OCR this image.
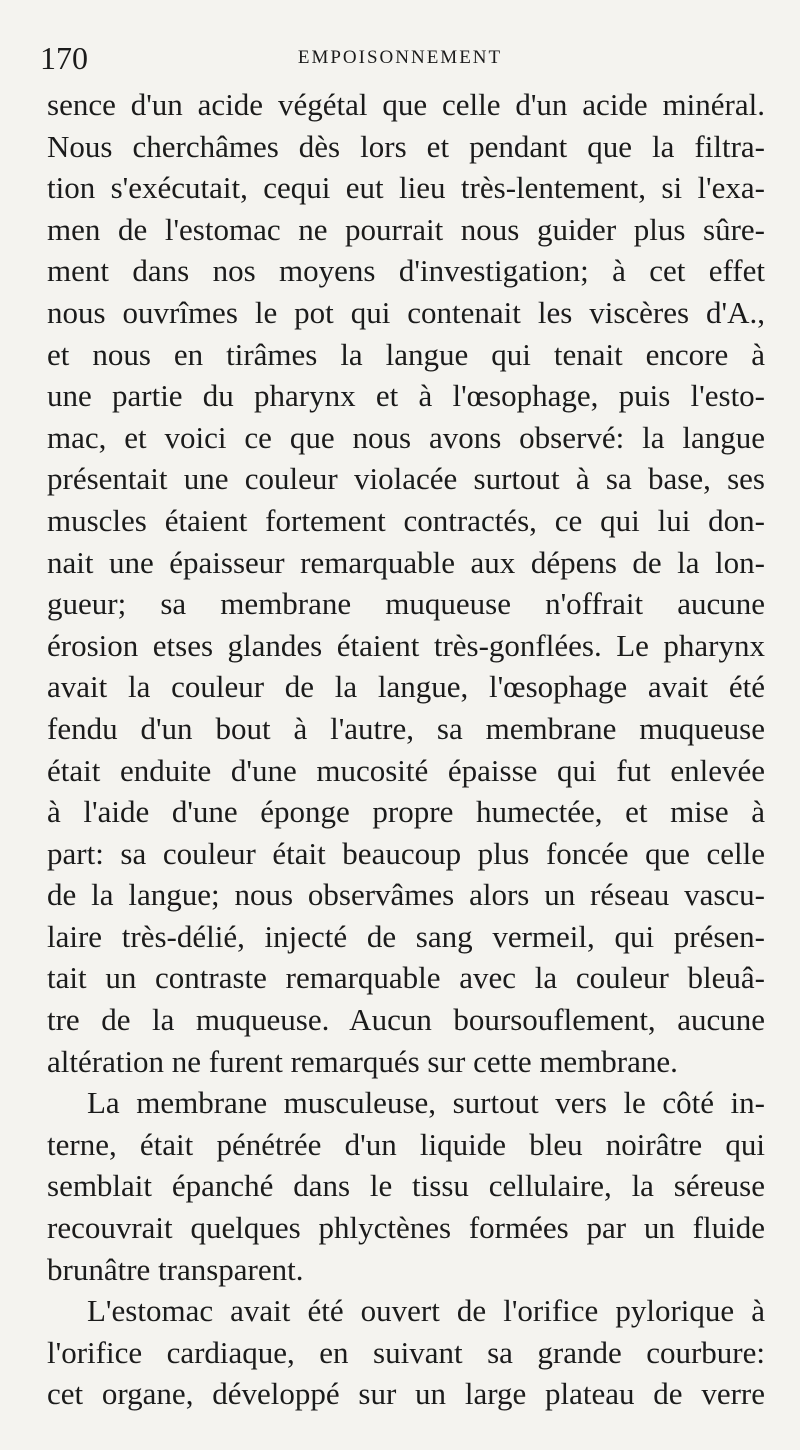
170	EMPOISONNEMENT
sence d'un acide végétal que celle d'un acide minéral.
Nous cherchâmes dès lors et pendant que la filtra-
tion s'exécutait, cequi eut lieu très-lentement, si l'exa-
men de l'estomac ne pourrait nous guider plus sûre-
ment dans nos moyens d'investigation; à cet effet
nous ouvrîmes le pot qui contenait les viscères d'A.,
et nous en tirâmes la langue qui tenait encore à
une partie du pharynx et à l'œsophage, puis l'esto-
mac, et voici ce que nous avons observé: la langue
présentait une couleur violacée surtout à sa base, ses
muscles étaient fortement contractés, ce qui lui don-
nait une épaisseur remarquable aux dépens de la lon-
gueur; sa membrane muqueuse n'offrait aucune
érosion etses glandes étaient très-gonflées. Le pharynx
avait la couleur de la langue, l'œsophage avait été
fendu d'un bout à l'autre, sa membrane muqueuse
était enduite d'une mucosité épaisse qui fut enlevée
à l'aide d'une éponge propre humectée, et mise à
part: sa couleur était beaucoup plus foncée que celle
de la langue; nous observâmes alors un réseau vascu-
laire très-délié, injecté de sang vermeil, qui présen-
tait un contraste remarquable avec la couleur bleuâ-
tre de la muqueuse. Aucun boursouflement, aucune
altération ne furent remarqués sur cette membrane.
La membrane musculeuse, surtout vers le côté in-
terne, était pénétrée d'un liquide bleu noirâtre qui
semblait épanché dans le tissu cellulaire, la séreuse
recouvrait quelques phlyctènes formées par un fluide
brunâtre transparent.
L'estomac avait été ouvert de l'orifice pylorique à
l'orifice cardiaque, en suivant sa grande courbure:
cet organe, développé sur un large plateau de verre
